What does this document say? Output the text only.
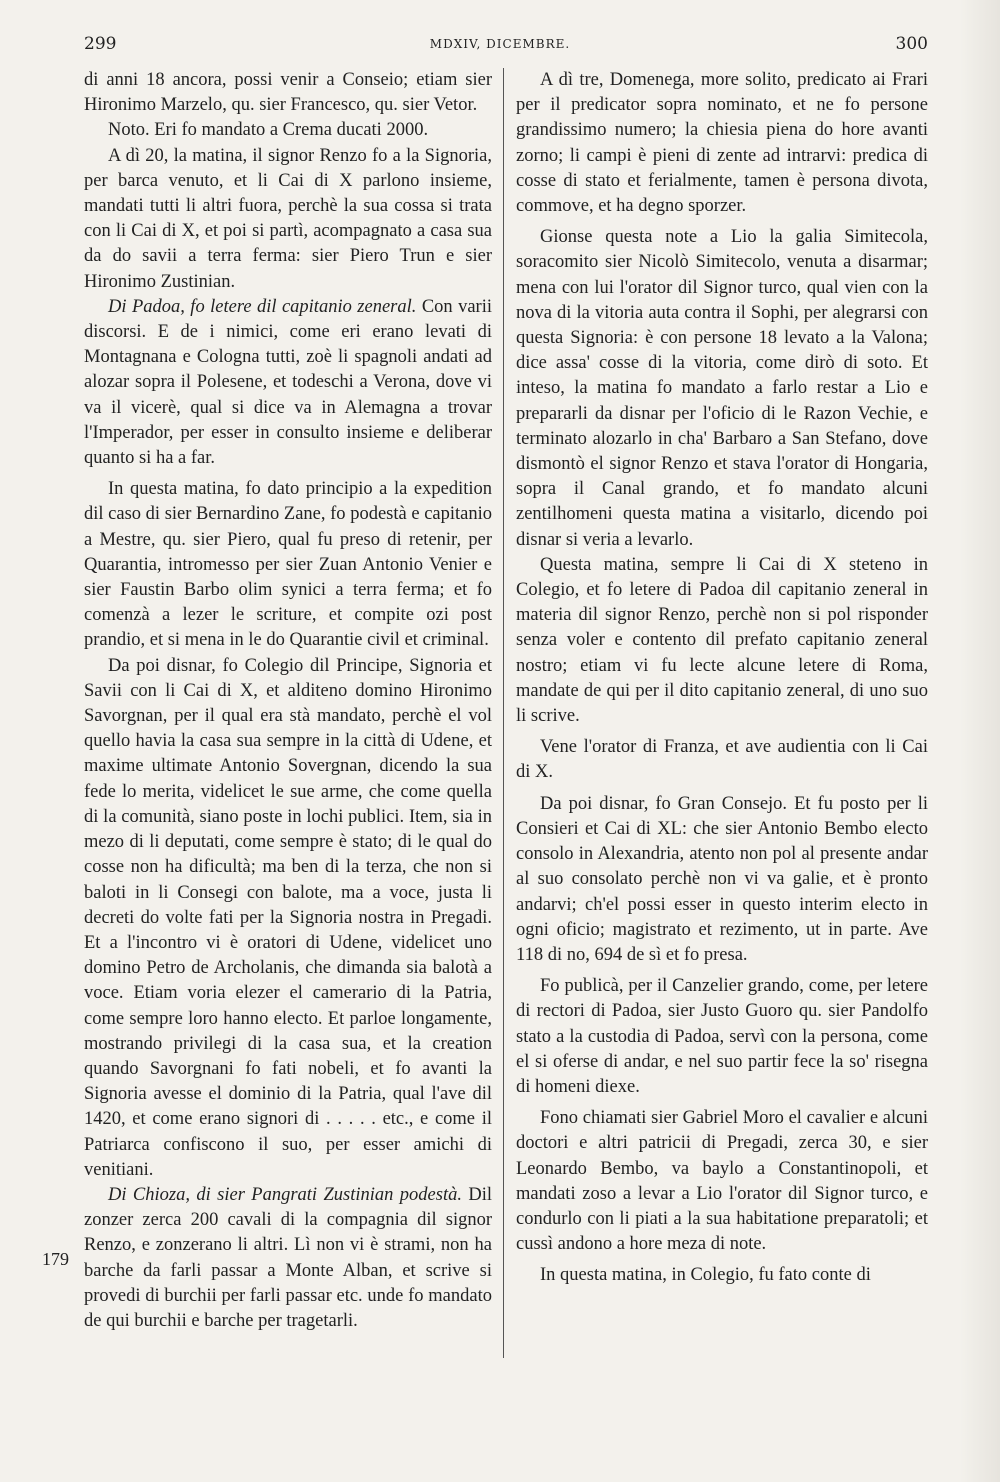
299	MDXIV, DICEMBRE.	300
179

di anni 18 ancora, possi venir a Conseio; etiam sier Hironimo Marzelo, qu. sier Francesco, qu. sier Vetor.

Noto. Eri fo mandato a Crema ducati 2000.

A dì 20, la matina, il signor Renzo fo a la Signoria, per barca venuto, et li Cai di X parlono insieme, mandati tutti li altri fuora, perchè la sua cossa si trata con li Cai di X, et poi si partì, acompagnato a casa sua da do savii a terra ferma: sier Piero Trun e sier Hironimo Zustinian.

Di Padoa, fo letere dil capitanio zeneral. Con varii discorsi. E de i nimici, come eri erano levati di Montagnana e Cologna tutti, zoè li spagnoli andati ad alozar sopra il Polesene, et todeschi a Verona, dove vi va il vicerè, qual si dice va in Alemagna a trovar l'Imperador, per esser in consulto insieme e deliberar quanto si ha a far.

In questa matina, fo dato principio a la expedition dil caso di sier Bernardino Zane, fo podestà e capitanio a Mestre, qu. sier Piero, qual fu preso di retenir, per Quarantia, intromesso per sier Zuan Antonio Venier e sier Faustin Barbo olim synici a terra ferma; et fo comenzà a lezer le scriture, et compite ozi post prandio, et si mena in le do Quarantie civil et criminal.

Da poi disnar, fo Colegio dil Principe, Signoria et Savii con li Cai di X, et alditeno domino Hironimo Savorgnan, per il qual era stà mandato, perchè el vol quello havia la casa sua sempre in la città di Udene, et maxime ultimate Antonio Sovergnan, dicendo la sua fede lo merita, videlicet le sue arme, che come quella di la comunità, siano poste in lochi publici. Item, sia in mezo di li deputati, come sempre è stato; di le qual do cosse non ha dificultà; ma ben di la terza, che non si baloti in li Consegi con balote, ma a voce, justa li decreti do volte fati per la Signoria nostra in Pregadi. Et a l'incontro vi è oratori di Udene, videlicet uno domino Petro de Archolanis, che dimanda sia balotà a voce. Etiam voria elezer el camerario di la Patria, come sempre loro hanno electo. Et parloe longamente, mostrando privilegi di la casa sua, et la creation quando Savorgnani fo fati nobeli, et fo avanti la Signoria avesse el dominio di la Patria, qual l'ave dil 1420, et come erano signori di . . . . . etc., e come il Patriarca confiscono il suo, per esser amichi di venitiani.

Di Chioza, di sier Pangrati Zustinian podestà. Dil zonzer zerca 200 cavali di la compagnia dil signor Renzo, e zonzerano li altri. Lì non vi è strami, non ha barche da farli passar a Monte Alban, et scrive si provedi di burchii per farli passar etc. unde fo mandato de qui burchii e barche per tragetarli.

A dì tre, Domenega, more solito, predicato ai Frari per il predicator sopra nominato, et ne fo persone grandissimo numero; la chiesia piena do hore avanti zorno; li campi è pieni di zente ad intrarvi: predica di cosse di stato et ferialmente, tamen è persona divota, commove, et ha degno sporzer.

Gionse questa note a Lio la galia Simitecola, soracomito sier Nicolò Simitecolo, venuta a disarmar; mena con lui l'orator dil Signor turco, qual vien con la nova di la vitoria auta contra il Sophi, per alegrarsi con questa Signoria: è con persone 18 levato a la Valona; dice assa' cosse di la vitoria, come dirò di soto. Et inteso, la matina fo mandato a farlo restar a Lio e prepararli da disnar per l'oficio di le Razon Vechie, e terminato alozarlo in cha' Barbaro a San Stefano, dove dismontò el signor Renzo et stava l'orator di Hongaria, sopra il Canal grando, et fo mandato alcuni zentilhomeni questa matina a visitarlo, dicendo poi disnar si veria a levarlo.

Questa matina, sempre li Cai di X steteno in Colegio, et fo letere di Padoa dil capitanio zeneral in materia dil signor Renzo, perchè non si pol risponder senza voler e contento dil prefato capitanio zeneral nostro; etiam vi fu lecte alcune letere di Roma, mandate de qui per il dito capitanio zeneral, di uno suo li scrive.

Vene l'orator di Franza, et ave audientia con li Cai di X.

Da poi disnar, fo Gran Consejo. Et fu posto per li Consieri et Cai di XL: che sier Antonio Bembo electo consolo in Alexandria, atento non pol al presente andar al suo consolato perchè non vi va galie, et è pronto andarvi; ch'el possi esser in questo interim electo in ogni oficio; magistrato et rezimento, ut in parte. Ave 118 di no, 694 de sì et fo presa.

Fo publicà, per il Canzelier grando, come, per letere di rectori di Padoa, sier Justo Guoro qu. sier Pandolfo stato a la custodia di Padoa, servì con la persona, come el si oferse di andar, e nel suo partir fece la so' risegna di homeni diexe.

Fono chiamati sier Gabriel Moro el cavalier e alcuni doctori e altri patricii di Pregadi, zerca 30, e sier Leonardo Bembo, va baylo a Constantinopoli, et mandati zoso a levar a Lio l'orator dil Signor turco, e condurlo con li piati a la sua habitatione preparatoli; et cussì andono a hore meza di note.

In questa matina, in Colegio, fu fato conte di
